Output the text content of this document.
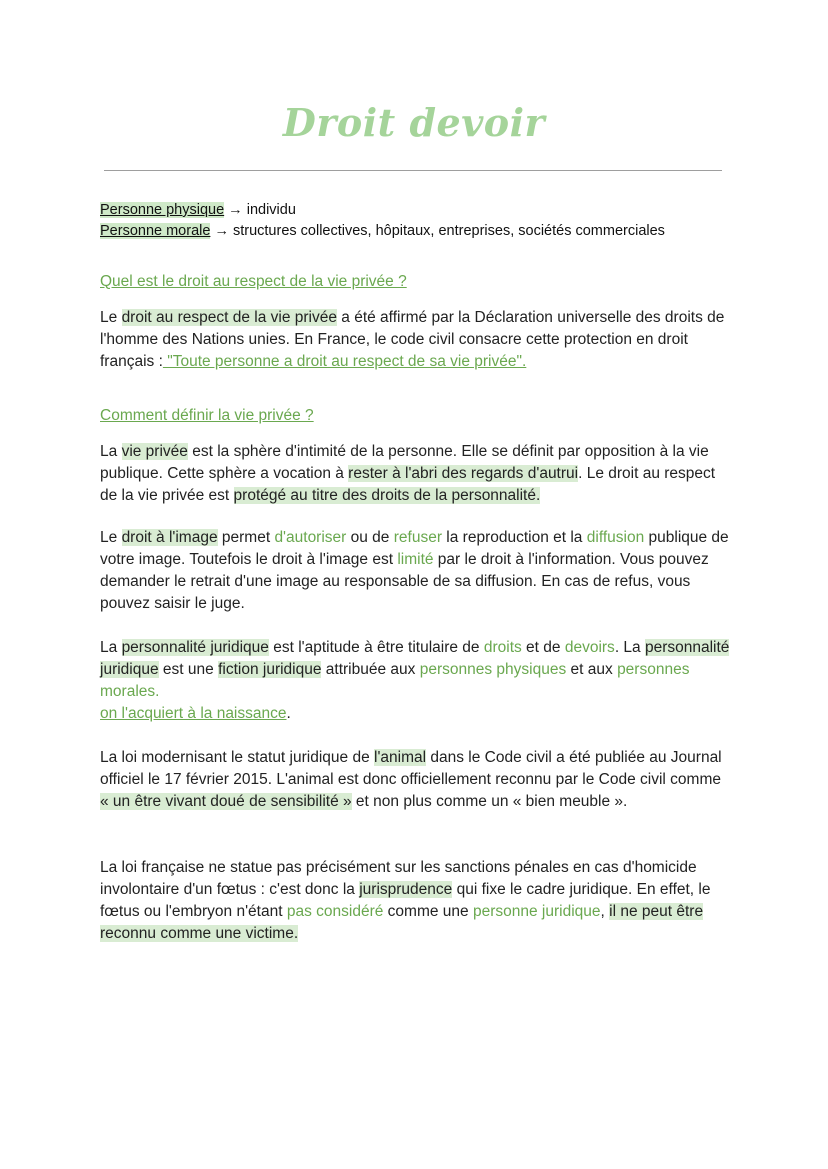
Droit devoir
Personne physique → individu
Personne morale → structures collectives, hôpitaux, entreprises, sociétés commerciales
Quel est le droit au respect de la vie privée ?
Le droit au respect de la vie privée a été affirmé par la Déclaration universelle des droits de l'homme des Nations unies. En France, le code civil consacre cette protection en droit français : "Toute personne a droit au respect de sa vie privée".
Comment définir la vie privée ?
La vie privée est la sphère d'intimité de la personne. Elle se définit par opposition à la vie publique. Cette sphère a vocation à rester à l'abri des regards d'autrui. Le droit au respect de la vie privée est protégé au titre des droits de la personnalité.
Le droit à l'image permet d'autoriser ou de refuser la reproduction et la diffusion publique de votre image. Toutefois le droit à l'image est limité par le droit à l'information. Vous pouvez demander le retrait d'une image au responsable de sa diffusion. En cas de refus, vous pouvez saisir le juge.
La personnalité juridique est l'aptitude à être titulaire de droits et de devoirs. La personnalité juridique est une fiction juridique attribuée aux personnes physiques et aux personnes morales.
on l'acquiert à la naissance.
La loi modernisant le statut juridique de l'animal dans le Code civil a été publiée au Journal officiel le 17 février 2015. L'animal est donc officiellement reconnu par le Code civil comme « un être vivant doué de sensibilité » et non plus comme un « bien meuble ».
La loi française ne statue pas précisément sur les sanctions pénales en cas d'homicide involontaire d'un fœtus : c'est donc la jurisprudence qui fixe le cadre juridique. En effet, le fœtus ou l'embryon n'étant pas considéré comme une personne juridique, il ne peut être reconnu comme une victime.
